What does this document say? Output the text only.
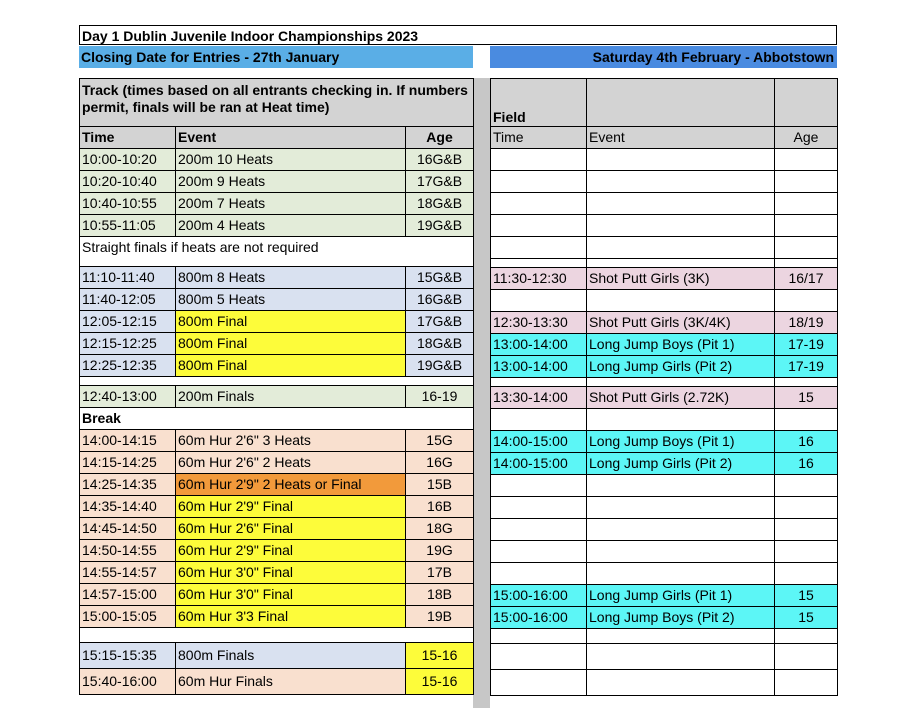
Day 1 Dublin Juvenile Indoor Championships 2023
Closing Date for Entries - 27th January	Saturday 4th February - Abbotstown
Track (times based on all entrants checking in. If numbers permit, finals will be ran at Heat time)		
Time	Event	Age
10:00-10:20	200m 10 Heats	16G&B
10:20-10:40	200m 9 Heats	17G&B
10:40-10:55	200m 7 Heats	18G&B
10:55-11:05	200m 4 Heats	19G&B
Straight finals if heats are not required		

11:10-11:40	800m 8 Heats	15G&B
11:40-12:05	800m 5 Heats	16G&B
12:05-12:15	800m Final	17G&B
12:15-12:25	800m Final	18G&B
12:25-12:35	800m Final	19G&B

12:40-13:00	200m Finals	16-19
Break		
14:00-14:15	60m Hur 2'6" 3 Heats	15G
14:15-14:25	60m Hur 2'6" 2 Heats	16G
14:25-14:35	60m Hur 2'9" 2 Heats or Final	15B
14:35-14:40	60m Hur 2'9" Final	16B
14:45-14:50	60m Hur 2'6" Final	18G
14:50-14:55	60m Hur 2'9" Final	19G
14:55-14:57	60m Hur 3'0" Final	17B
14:57-15:00	60m Hur 3'0" Final	18B
15:00-15:05	60m Hur 3'3 Final	19B

15:15-15:35	800m Finals	15-16
15:40-16:00	60m Hur Finals	15-16
Field		
Time	Event	Age

11:30-12:30	Shot Putt Girls (3K)	16/17

12:30-13:30	Shot Putt Girls (3K/4K)	18/19
13:00-14:00	Long Jump Boys (Pit 1)	17-19
13:00-14:00	Long Jump Girls (Pit 2)	17-19

13:30-14:00	Shot Putt Girls (2.72K)	15

14:00-15:00	Long Jump Boys (Pit 1)	16
14:00-15:00	Long Jump Girls (Pit 2)	16

15:00-16:00	Long Jump Girls (Pit 1)	15
15:00-16:00	Long Jump Boys (Pit 2)	15
